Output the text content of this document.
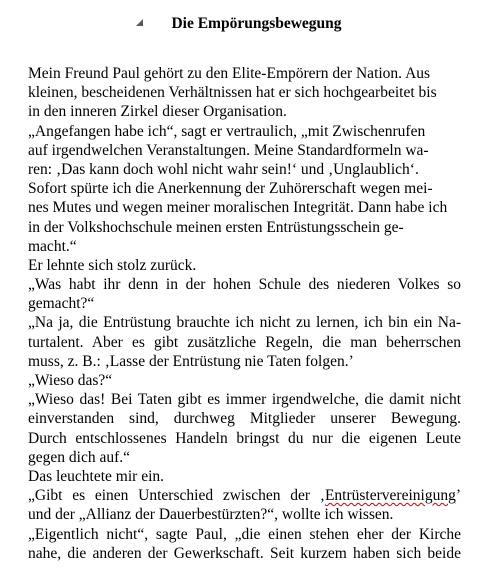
Die Empörungsbewegung
Mein Freund Paul gehört zu den Elite-Empörern der Nation. Aus
kleinen, bescheidenen Verhältnissen hat er sich hochgearbeitet bis
in den inneren Zirkel dieser Organisation.
„Angefangen habe ich“, sagt er vertraulich, „mit Zwischenrufen
auf irgendwelchen Veranstaltungen. Meine Standardformeln wa-
ren: ‚Das kann doch wohl nicht wahr sein!‘ und ‚Unglaublich‘.
Sofort spürte ich die Anerkennung der Zuhörerschaft wegen mei-
nes Mutes und wegen meiner moralischen Integrität. Dann habe ich
in der Volkshochschule meinen ersten Entrüstungsschein ge-
macht.“
Er lehnte sich stolz zurück.
„Was habt ihr denn in der hohen Schule des niederen Volkes so
gemacht?“
„Na ja, die Entrüstung brauchte ich nicht zu lernen, ich bin ein Na-
turtalent. Aber es gibt zusätzliche Regeln, die man beherrschen
muss, z. B.: ‚Lasse der Entrüstung nie Taten folgen.’
„Wieso das?“
„Wieso das! Bei Taten gibt es immer irgendwelche, die damit nicht
einverstanden sind, durchweg Mitglieder unserer Bewegung.
Durch entschlossenes Handeln bringst du nur die eigenen Leute
gegen dich auf.“
Das leuchtete mir ein.
„Gibt es einen Unterschied zwischen der ‚Entrüstervereinigung’
und der „Allianz der Dauerbestürzten?“, wollte ich wissen.
„Eigentlich nicht“, sagte Paul, „die einen stehen eher der Kirche
nahe, die anderen der Gewerkschaft. Seit kurzem haben sich beide
